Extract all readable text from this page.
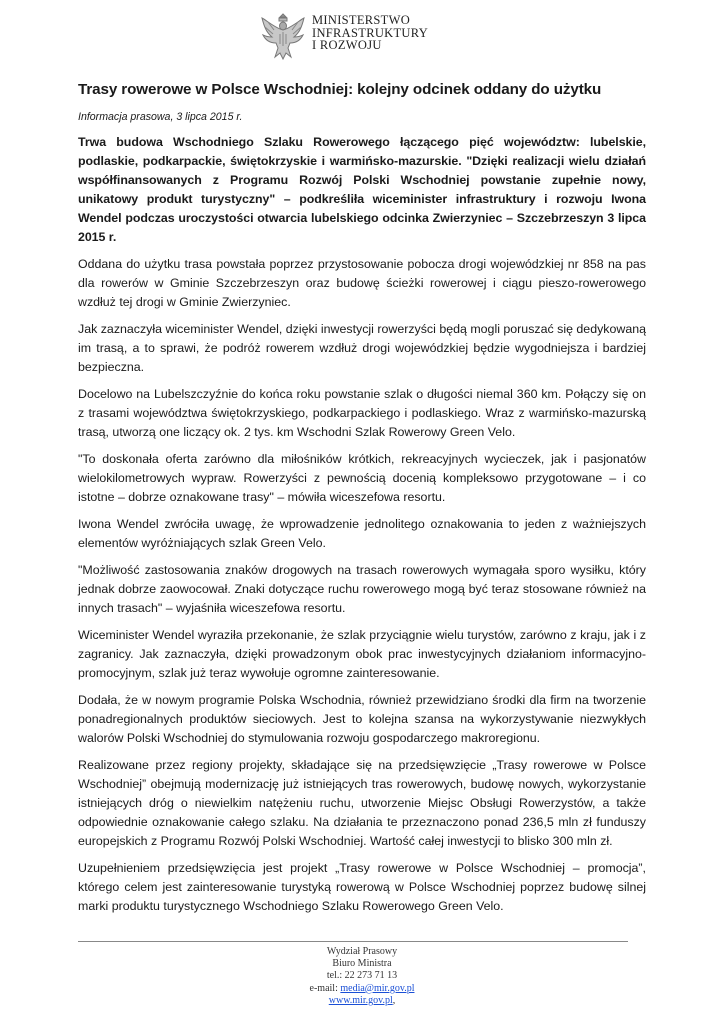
MINISTERSTWO
INFRASTRUKTURY
I ROZWOJU
Trasy rowerowe w Polsce Wschodniej: kolejny odcinek oddany do użytku
Informacja prasowa, 3 lipca 2015 r.

Trwa budowa Wschodniego Szlaku Rowerowego łączącego pięć województw: lubelskie, podlaskie, podkarpackie, świętokrzyskie i warmińsko-mazurskie. "Dzięki realizacji wielu działań współfinansowanych z Programu Rozwój Polski Wschodniej powstanie zupełnie nowy, unikatowy produkt turystyczny" – podkreśliła wiceminister infrastruktury i rozwoju Iwona Wendel podczas uroczystości otwarcia lubelskiego odcinka Zwierzyniec – Szczebrzeszyn 3 lipca 2015 r.

Oddana do użytku trasa powstała poprzez przystosowanie pobocza drogi wojewódzkiej nr 858 na pas dla rowerów w Gminie Szczebrzeszyn oraz budowę ścieżki rowerowej i ciągu pieszo-rowerowego wzdłuż tej drogi w Gminie Zwierzyniec.

Jak zaznaczyła wiceminister Wendel, dzięki inwestycji rowerzyści będą mogli poruszać się dedykowaną im trasą, a to sprawi, że podróż rowerem wzdłuż drogi wojewódzkiej będzie wygodniejsza i bardziej bezpieczna.

Docelowo na Lubelszczyźnie do końca roku powstanie szlak o długości niemal 360 km. Połączy się on z trasami województwa świętokrzyskiego, podkarpackiego i podlaskiego. Wraz z warmińsko-mazurską trasą, utworzą one liczący ok. 2 tys. km Wschodni Szlak Rowerowy Green Velo.

"To doskonała oferta zarówno dla miłośników krótkich, rekreacyjnych wycieczek, jak i pasjonatów wielokilometrowych wypraw. Rowerzyści z pewnością docenią kompleksowo przygotowane – i co istotne – dobrze oznakowane trasy" – mówiła wiceszefowa resortu.

Iwona Wendel zwróciła uwagę, że wprowadzenie jednolitego oznakowania to jeden z ważniejszych elementów wyróżniających szlak Green Velo.

"Możliwość zastosowania znaków drogowych na trasach rowerowych wymagała sporo wysiłku, który jednak dobrze zaowocował. Znaki dotyczące ruchu rowerowego mogą być teraz stosowane również na innych trasach" – wyjaśniła wiceszefowa resortu.

Wiceminister Wendel wyraziła przekonanie, że szlak przyciągnie wielu turystów, zarówno z kraju, jak i z zagranicy. Jak zaznaczyła, dzięki prowadzonym obok prac inwestycyjnych działaniom informacyjno-promocyjnym, szlak już teraz wywołuje ogromne zainteresowanie.

Dodała, że w nowym programie Polska Wschodnia, również przewidziano środki dla firm na tworzenie ponadregionalnych produktów sieciowych. Jest to kolejna szansa na wykorzystywanie niezwykłych walorów Polski Wschodniej do stymulowania rozwoju gospodarczego makroregionu.

Realizowane przez regiony projekty, składające się na przedsięwzięcie „Trasy rowerowe w Polsce Wschodniej” obejmują modernizację już istniejących tras rowerowych, budowę nowych, wykorzystanie istniejących dróg o niewielkim natężeniu ruchu, utworzenie Miejsc Obsługi Rowerzystów, a także odpowiednie oznakowanie całego szlaku. Na działania te przeznaczono ponad 236,5 mln zł funduszy europejskich z Programu Rozwój Polski Wschodniej. Wartość całej inwestycji to blisko 300 mln zł.

Uzupełnieniem przedsięwzięcia jest projekt „Trasy rowerowe w Polsce Wschodniej – promocja”, którego celem jest zainteresowanie turystyką rowerową w Polsce Wschodniej poprzez budowę silnej marki produktu turystycznego Wschodniego Szlaku Rowerowego Green Velo.

Wydział Prasowy
Biuro Ministra
tel.: 22 273 71 13
e-mail: media@mir.gov.pl
www.mir.gov.pl,
